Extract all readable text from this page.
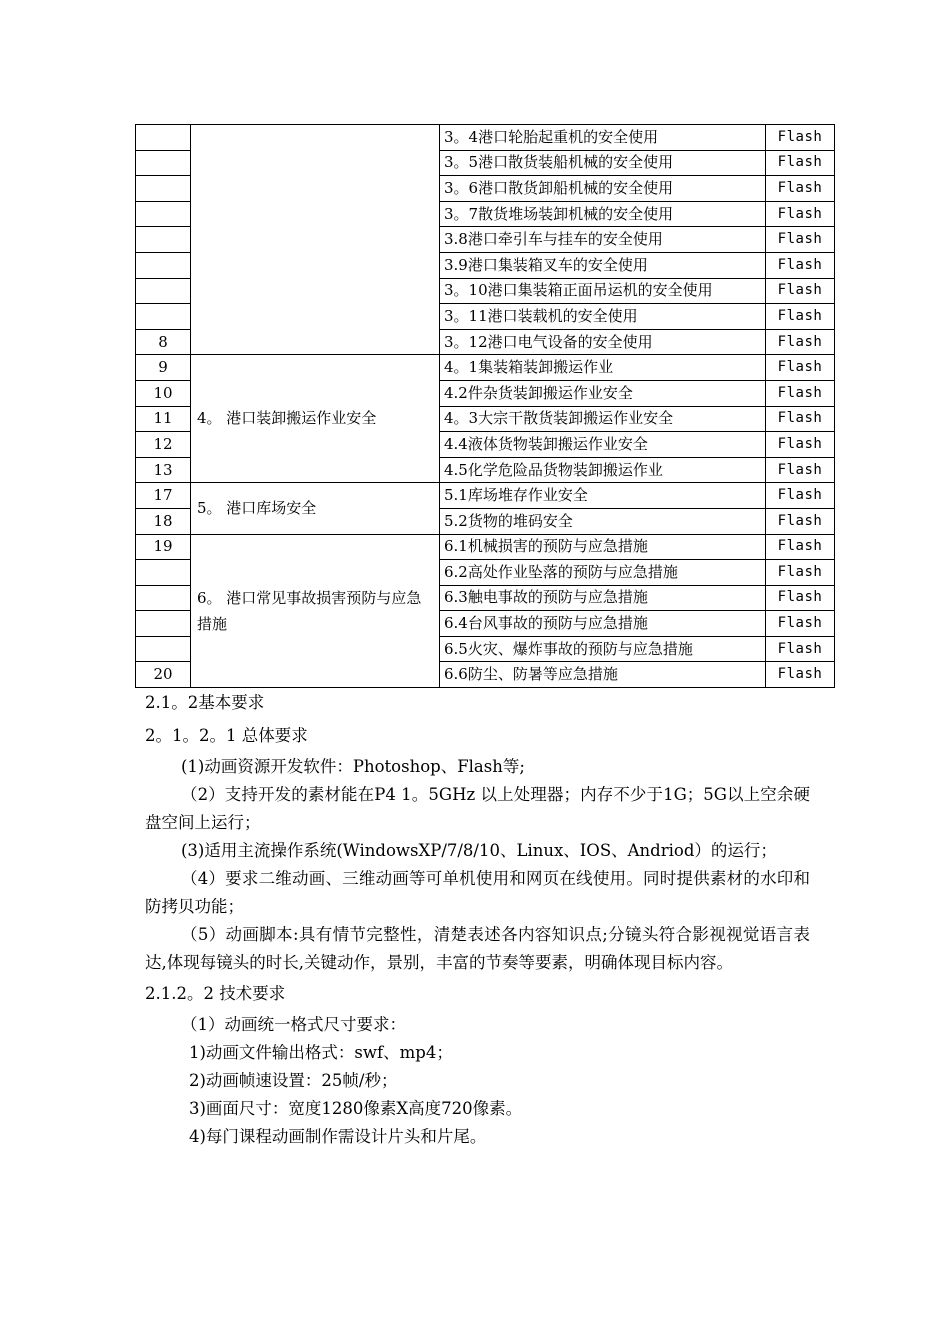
		3。4港口轮胎起重机的安全使用	Flash
		3。5港口散货装船机械的安全使用	Flash
		3。6港口散货卸船机械的安全使用	Flash
		3。7散货堆场装卸机械的安全使用	Flash
		3.8港口牵引车与挂车的安全使用	Flash
		3.9港口集装箱叉车的安全使用	Flash
		3。10港口集装箱正面吊运机的安全使用	Flash
		3。11港口装载机的安全使用	Flash
8		3。12港口电气设备的安全使用	Flash
9	4。 港口装卸搬运作业安全	4。1集装箱装卸搬运作业	Flash
10		4.2件杂货装卸搬运作业安全	Flash
11		4。3大宗干散货装卸搬运作业安全	Flash
12		4.4液体货物装卸搬运作业安全	Flash
13		4.5化学危险品货物装卸搬运作业	Flash
17	5。 港口库场安全	5.1库场堆存作业安全	Flash
18		5.2货物的堆码安全	Flash
19	6。 港口常见事故损害预防与应急措施	6.1机械损害的预防与应急措施	Flash
		6.2高处作业坠落的预防与应急措施	Flash
		6.3触电事故的预防与应急措施	Flash
		6.4台风事故的预防与应急措施	Flash
		6.5火灾、爆炸事故的预防与应急措施	Flash
20		6.6防尘、防暑等应急措施	Flash

2.1。2基本要求

2。1。2。1 总体要求

(1)动画资源开发软件：Photoshop、Flash等;

（2）支持开发的素材能在P4 1。5GHz 以上处理器；内存不少于1G；5G以上空余硬盘空间上运行；

(3)适用主流操作系统(WindowsXP/7/8/10、Linux、IOS、Andriod）的运行；

（4）要求二维动画、三维动画等可单机使用和网页在线使用。同时提供素材的水印和防拷贝功能；

（5）动画脚本:具有情节完整性，清楚表述各内容知识点;分镜头符合影视视觉语言表达,体现每镜头的时长,关键动作，景别，丰富的节奏等要素，明确体现目标内容。

2.1.2。2 技术要求

（1）动画统一格式尺寸要求：

1)动画文件输出格式：swf、mp4；

2)动画帧速设置：25帧/秒；

3)画面尺寸：宽度1280像素X高度720像素。

4)每门课程动画制作需设计片头和片尾。
